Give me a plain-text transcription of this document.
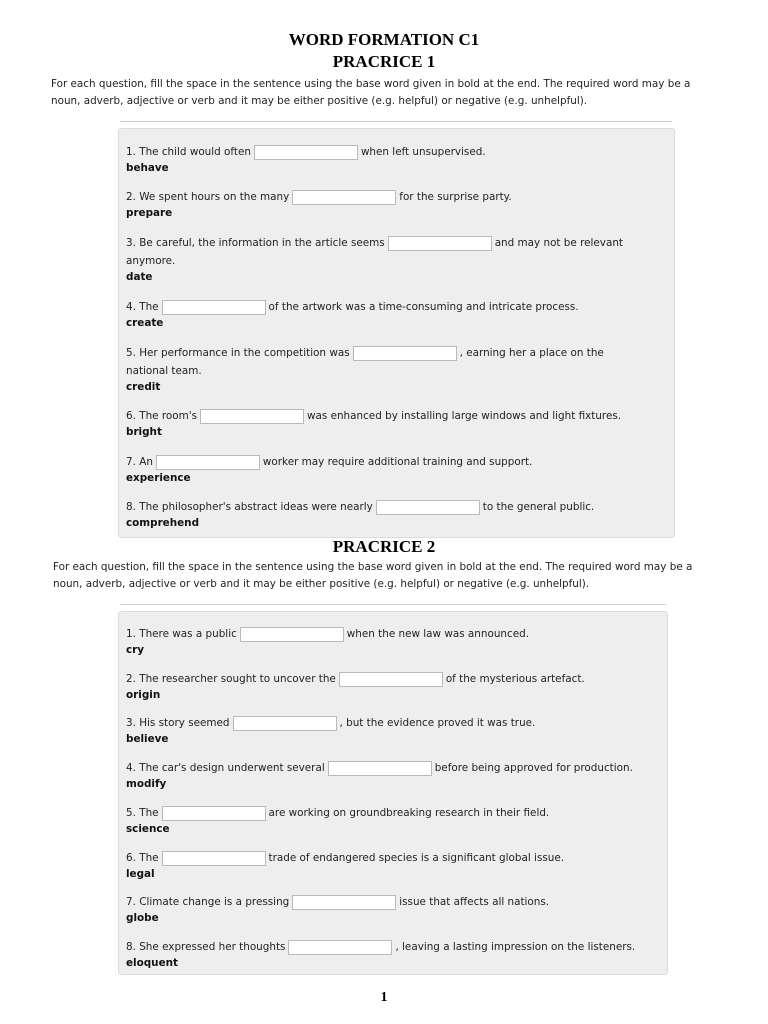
WORD FORMATION C1
PRACRICE 1
For each question, fill the space in the sentence using the base word given in bold at the end. The required word may be a
noun, adverb, adjective or verb and it may be either positive (e.g. helpful) or negative (e.g. unhelpful).
1. The child would often	when left unsupervised.
behave
2. We spent hours on the many	for the surprise party.
prepare
3. Be careful, the information in the article seems	and may not be relevant
anymore.
date
4. The	of the artwork was a time-consuming and intricate process.
create
5. Her performance in the competition was	, earning her a place on the
national team.
credit
6. The room's	was enhanced by installing large windows and light fixtures.
bright
7. An	worker may require additional training and support.
experience
8. The philosopher's abstract ideas were nearly	to the general public.
comprehend
PRACRICE 2
For each question, fill the space in the sentence using the base word given in bold at the end. The required word may be a
noun, adverb, adjective or verb and it may be either positive (e.g. helpful) or negative (e.g. unhelpful).
1. There was a public	when the new law was announced.
cry
2. The researcher sought to uncover the	of the mysterious artefact.
origin
3. His story seemed	, but the evidence proved it was true.
believe
4. The car's design underwent several	before being approved for production.
modify
5. The	are working on groundbreaking research in their field.
science
6. The	trade of endangered species is a significant global issue.
legal
7. Climate change is a pressing	issue that affects all nations.
globe
8. She expressed her thoughts	, leaving a lasting impression on the listeners.
eloquent
1
